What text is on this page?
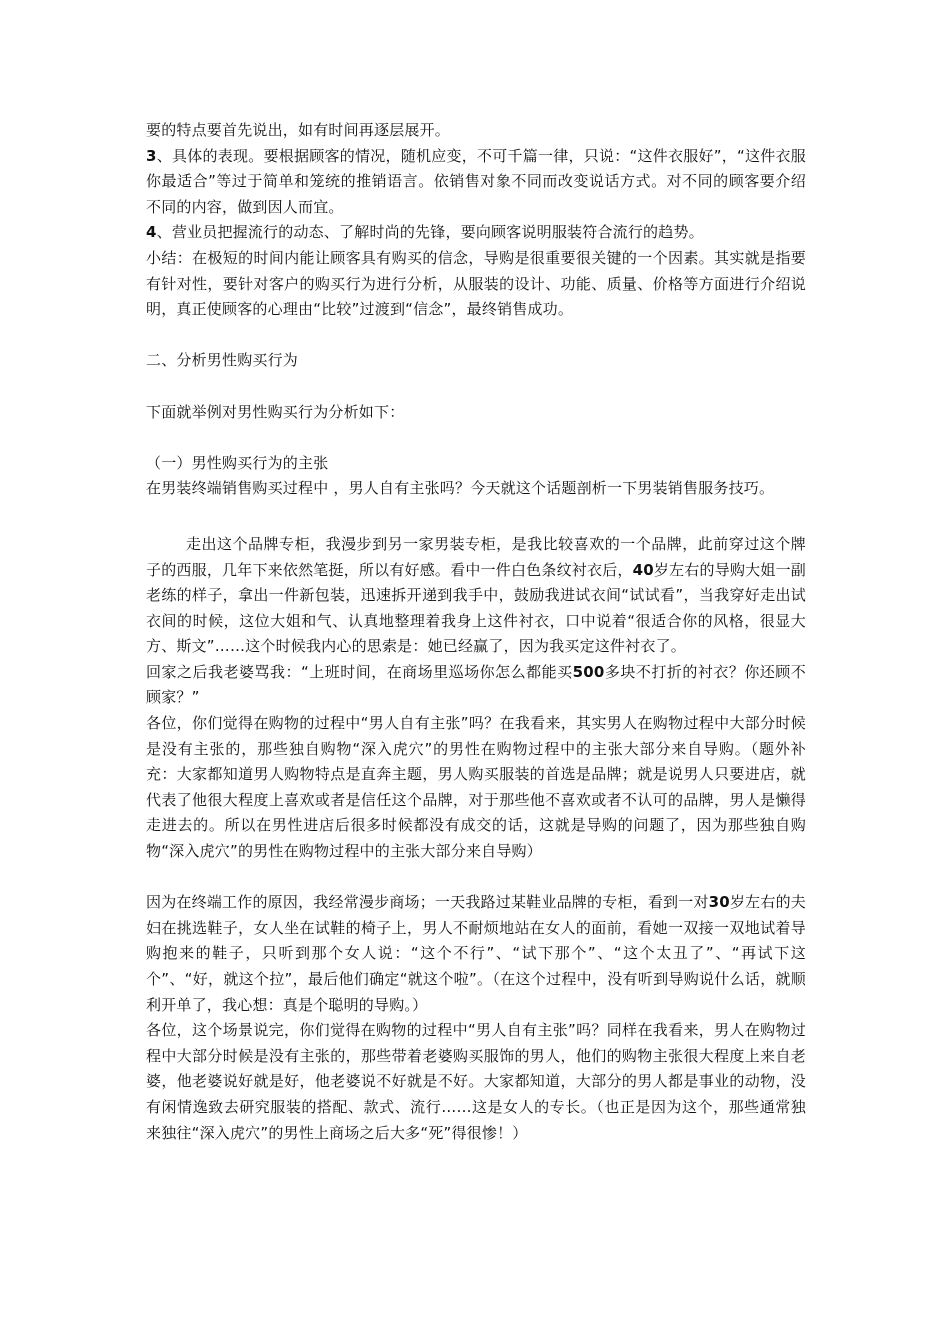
要的特点要首先说出，如有时间再逐层展开。

3、具体的表现。要根据顾客的情况，随机应变，不可千篇一律，只说：“这件衣服好”，“这件衣服你最适合”等过于简单和笼统的推销语言。依销售对象不同而改变说话方式。对不同的顾客要介绍不同的内容，做到因人而宜。

4、营业员把握流行的动态、了解时尚的先锋，要向顾客说明服装符合流行的趋势。

小结：在极短的时间内能让顾客具有购买的信念，导购是很重要很关键的一个因素。其实就是指要有针对性，要针对客户的购买行为进行分析，从服装的设计、功能、质量、价格等方面进行介绍说明，真正使顾客的心理由“比较”过渡到“信念”，最终销售成功。

二、分析男性购买行为

下面就举例对男性购买行为分析如下：

（一）男性购买行为的主张

在男装终端销售购买过程中 ，男人自有主张吗？今天就这个话题剖析一下男装销售服务技巧。

走出这个品牌专柜，我漫步到另一家男装专柜，是我比较喜欢的一个品牌，此前穿过这个牌子的西服，几年下来依然笔挺，所以有好感。看中一件白色条纹衬衣后，40岁左右的导购大姐一副老练的样子，拿出一件新包装，迅速拆开递到我手中，鼓励我进试衣间“试试看”，当我穿好走出试衣间的时候，这位大姐和气、认真地整理着我身上这件衬衣，口中说着“很适合你的风格，很显大方、斯文”……这个时候我内心的思索是：她已经赢了，因为我买定这件衬衣了。

回家之后我老婆骂我：“上班时间，在商场里巡场你怎么都能买500多块不打折的衬衣？你还顾不顾家？”

各位，你们觉得在购物的过程中“男人自有主张”吗？在我看来，其实男人在购物过程中大部分时候是没有主张的，那些独自购物“深入虎穴”的男性在购物过程中的主张大部分来自导购。（题外补充：大家都知道男人购物特点是直奔主题，男人购买服装的首选是品牌；就是说男人只要进店，就代表了他很大程度上喜欢或者是信任这个品牌，对于那些他不喜欢或者不认可的品牌，男人是懒得走进去的。所以在男性进店后很多时候都没有成交的话，这就是导购的问题了，因为那些独自购物“深入虎穴”的男性在购物过程中的主张大部分来自导购）

因为在终端工作的原因，我经常漫步商场；一天我路过某鞋业品牌的专柜，看到一对30岁左右的夫妇在挑选鞋子，女人坐在试鞋的椅子上，男人不耐烦地站在女人的面前，看她一双接一双地试着导购抱来的鞋子，只听到那个女人说：“这个不行”、“试下那个”、“这个太丑了”、“再试下这个”、“好，就这个拉”，最后他们确定“就这个啦”。（在这个过程中，没有听到导购说什么话，就顺利开单了，我心想：真是个聪明的导购。）

各位，这个场景说完，你们觉得在购物的过程中“男人自有主张”吗？同样在我看来，男人在购物过程中大部分时候是没有主张的，那些带着老婆购买服饰的男人，他们的购物主张很大程度上来自老婆，他老婆说好就是好，他老婆说不好就是不好。大家都知道，大部分的男人都是事业的动物，没有闲情逸致去研究服装的搭配、款式、流行……这是女人的专长。（也正是因为这个，那些通常独来独往“深入虎穴”的男性上商场之后大多“死”得很惨！）
